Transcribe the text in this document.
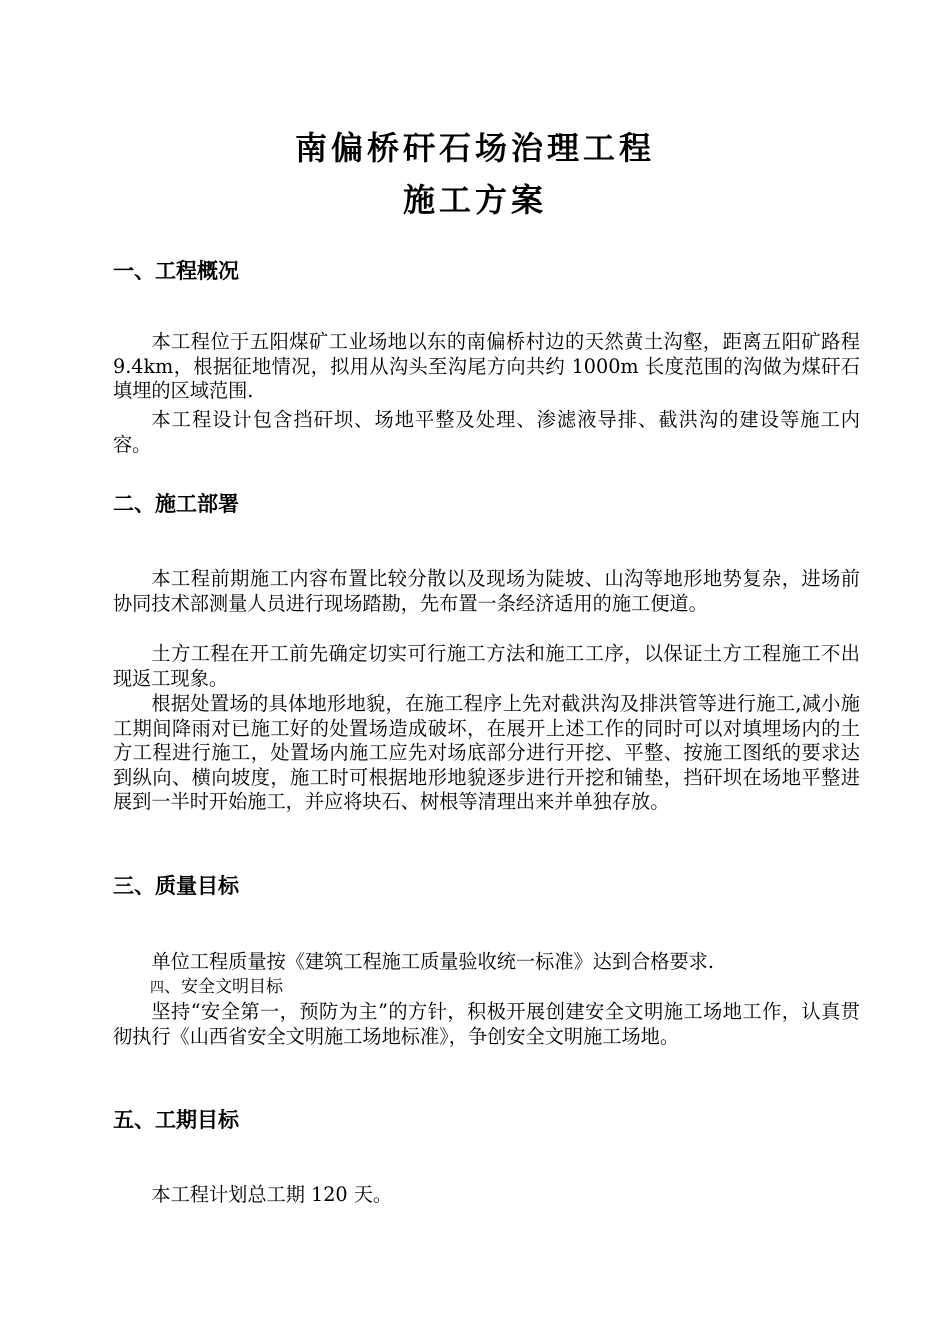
南偏桥矸石场治理工程
施工方案
一、工程概况
本工程位于五阳煤矿工业场地以东的南偏桥村边的天然黄土沟壑，距离五阳矿路程 9.4km，根据征地情况，拟用从沟头至沟尾方向共约 1000m 长度范围的沟做为煤矸石填埋的区域范围.
本工程设计包含挡矸坝、场地平整及处理、渗滤液导排、截洪沟的建设等施工内容。
二、施工部署
本工程前期施工内容布置比较分散以及现场为陡坡、山沟等地形地势复杂，进场前协同技术部测量人员进行现场踏勘，先布置一条经济适用的施工便道。
土方工程在开工前先确定切实可行施工方法和施工工序，以保证土方工程施工不出现返工现象。
根据处置场的具体地形地貌，在施工程序上先对截洪沟及排洪管等进行施工,减小施工期间降雨对已施工好的处置场造成破坏，在展开上述工作的同时可以对填埋场内的土方工程进行施工，处置场内施工应先对场底部分进行开挖、平整、按施工图纸的要求达到纵向、横向坡度，施工时可根据地形地貌逐步进行开挖和铺垫，挡矸坝在场地平整进展到一半时开始施工，并应将块石、树根等清理出来并单独存放。
三、质量目标
单位工程质量按《建筑工程施工质量验收统一标准》达到合格要求.
四、安全文明目标
坚持“安全第一，预防为主”的方针，积极开展创建安全文明施工场地工作，认真贯彻执行《山西省安全文明施工场地标准》，争创安全文明施工场地。
五、工期目标
本工程计划总工期 120 天。
